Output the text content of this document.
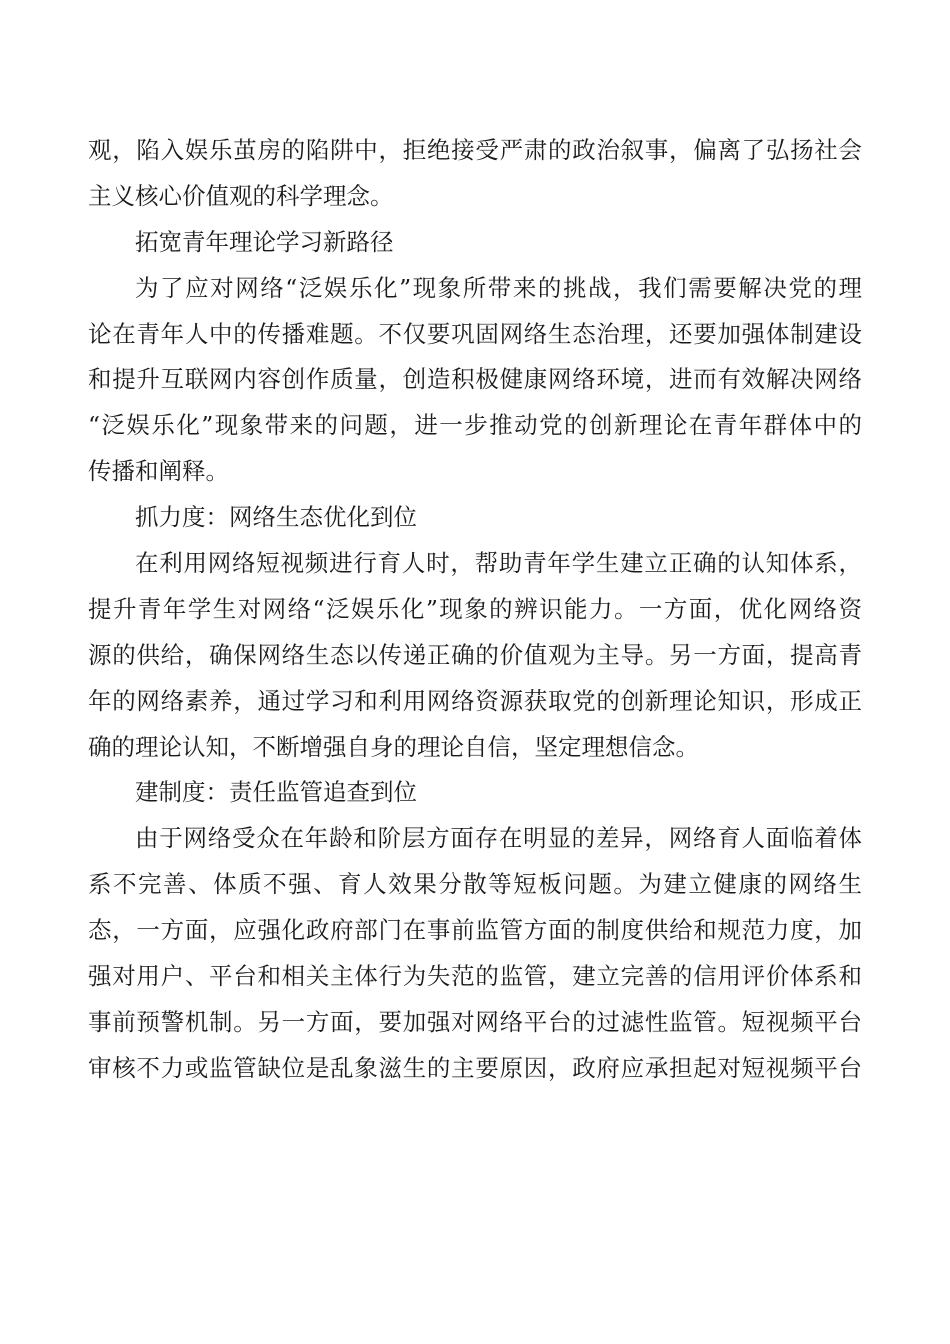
观，陷入娱乐茧房的陷阱中，拒绝接受严肃的政治叙事，偏离了弘扬社会
主义核心价值观的科学理念。
拓宽青年理论学习新路径
为了应对网络“泛娱乐化”现象所带来的挑战，我们需要解决党的理
论在青年人中的传播难题。不仅要巩固网络生态治理，还要加强体制建设
和提升互联网内容创作质量，创造积极健康网络环境，进而有效解决网络
“泛娱乐化”现象带来的问题，进一步推动党的创新理论在青年群体中的
传播和阐释。
抓力度：网络生态优化到位
在利用网络短视频进行育人时，帮助青年学生建立正确的认知体系，
提升青年学生对网络“泛娱乐化”现象的辨识能力。一方面，优化网络资
源的供给，确保网络生态以传递正确的价值观为主导。另一方面，提高青
年的网络素养，通过学习和利用网络资源获取党的创新理论知识，形成正
确的理论认知，不断增强自身的理论自信，坚定理想信念。
建制度：责任监管追查到位
由于网络受众在年龄和阶层方面存在明显的差异，网络育人面临着体
系不完善、体质不强、育人效果分散等短板问题。为建立健康的网络生
态，一方面，应强化政府部门在事前监管方面的制度供给和规范力度，加
强对用户、平台和相关主体行为失范的监管，建立完善的信用评价体系和
事前预警机制。另一方面，要加强对网络平台的过滤性监管。短视频平台
审核不力或监管缺位是乱象滋生的主要原因，政府应承担起对短视频平台
